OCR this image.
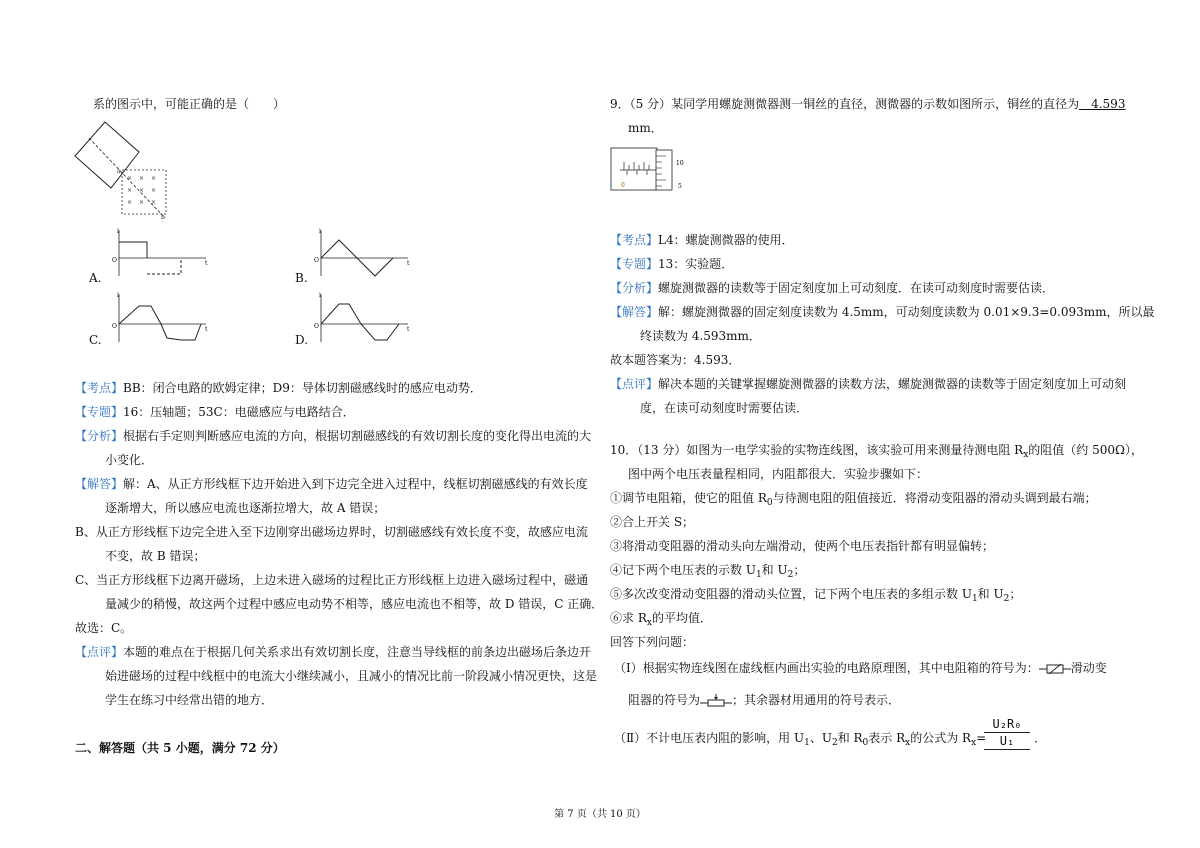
系的图示中，可能正确的是（　　）
× × ×
× × ×
× × ×
a
b
A.
i
t
O
B.
i
t
O
C.
i
t
O
D.
i
t
O
【考点】BB：闭合电路的欧姆定律；D9：导体切割磁感线时的感应电动势．
【专题】16：压轴题；53C：电磁感应与电路结合．
【分析】根据右手定则判断感应电流的方向，根据切割磁感线的有效切割长度的变化得出电流的大
小变化．
【解答】解：A、从正方形线框下边开始进入到下边完全进入过程中，线框切割磁感线的有效长度
逐渐增大，所以感应电流也逐渐拉增大，故 A 错误；
B、从正方形线框下边完全进入至下边刚穿出磁场边界时，切割磁感线有效长度不变，故感应电流
不变，故 B 错误；
C、当正方形线框下边离开磁场，上边未进入磁场的过程比正方形线框上边进入磁场过程中，磁通
量减少的稍慢，故这两个过程中感应电动势不相等，感应电流也不相等，故 D 错误，C 正确．
故选：C。
【点评】本题的难点在于根据几何关系求出有效切割长度，注意当导线框的前条边出磁场后条边开
始进磁场的过程中线框中的电流大小继续减小，且减小的情况比前一阶段减小情况更快，这是
学生在练习中经常出错的地方．
二、解答题（共 5 小题，满分 72 分）
9．（5 分）某同学用螺旋测微器测一铜丝的直径，测微器的示数如图所示，铜丝的直径为　4.593
mm．
10
5
0
【考点】L4：螺旋测微器的使用．
【专题】13：实验题．
【分析】螺旋测微器的读数等于固定刻度加上可动刻度．在读可动刻度时需要估读．
【解答】解：螺旋测微器的固定刻度读数为 4.5mm，可动刻度读数为 0.01×9.3=0.093mm，所以最
终读数为 4.593mm．
故本题答案为：4.593．
【点评】解决本题的关键掌握螺旋测微器的读数方法，螺旋测微器的读数等于固定刻度加上可动刻
度，在读可动刻度时需要估读．
10．（13 分）如图为一电学实验的实物连线图，该实验可用来测量待测电阻 $R_x$的阻值（约 500Ω），
图中两个电压表量程相同，内阻都很大．实验步骤如下：
①调节电阻箱，使它的阻值 $R_0$与待测电阻的阻值接近．将滑动变阻器的滑动头调到最右端；
②合上开关 S；
③将滑动变阻器的滑动头向左端滑动，使两个电压表指针都有明显偏转；
④记下两个电压表的示数 $U_1$和 $U_2$；
⑤多次改变滑动变阻器的滑动头位置，记下两个电压表的多组示数 $U_1$和 $U_2$；
⑥求 $R_x$的平均值．
回答下列问题：
（Ⅰ）根据实物连线图在虚线框内画出实验的电路原理图，其中电阻箱的符号为：	滑动变
阻器的符号为	；其余器材用通用的符号表示．
（Ⅱ）不计电压表内阻的影响，用 $U_1$、$U_2$和 $R_0$表示 $R_x$的公式为 $R_x=$
$\frac{\text{U₂R₀}}{\text{U₁}}$ ．
第 7 页（共 10 页）
